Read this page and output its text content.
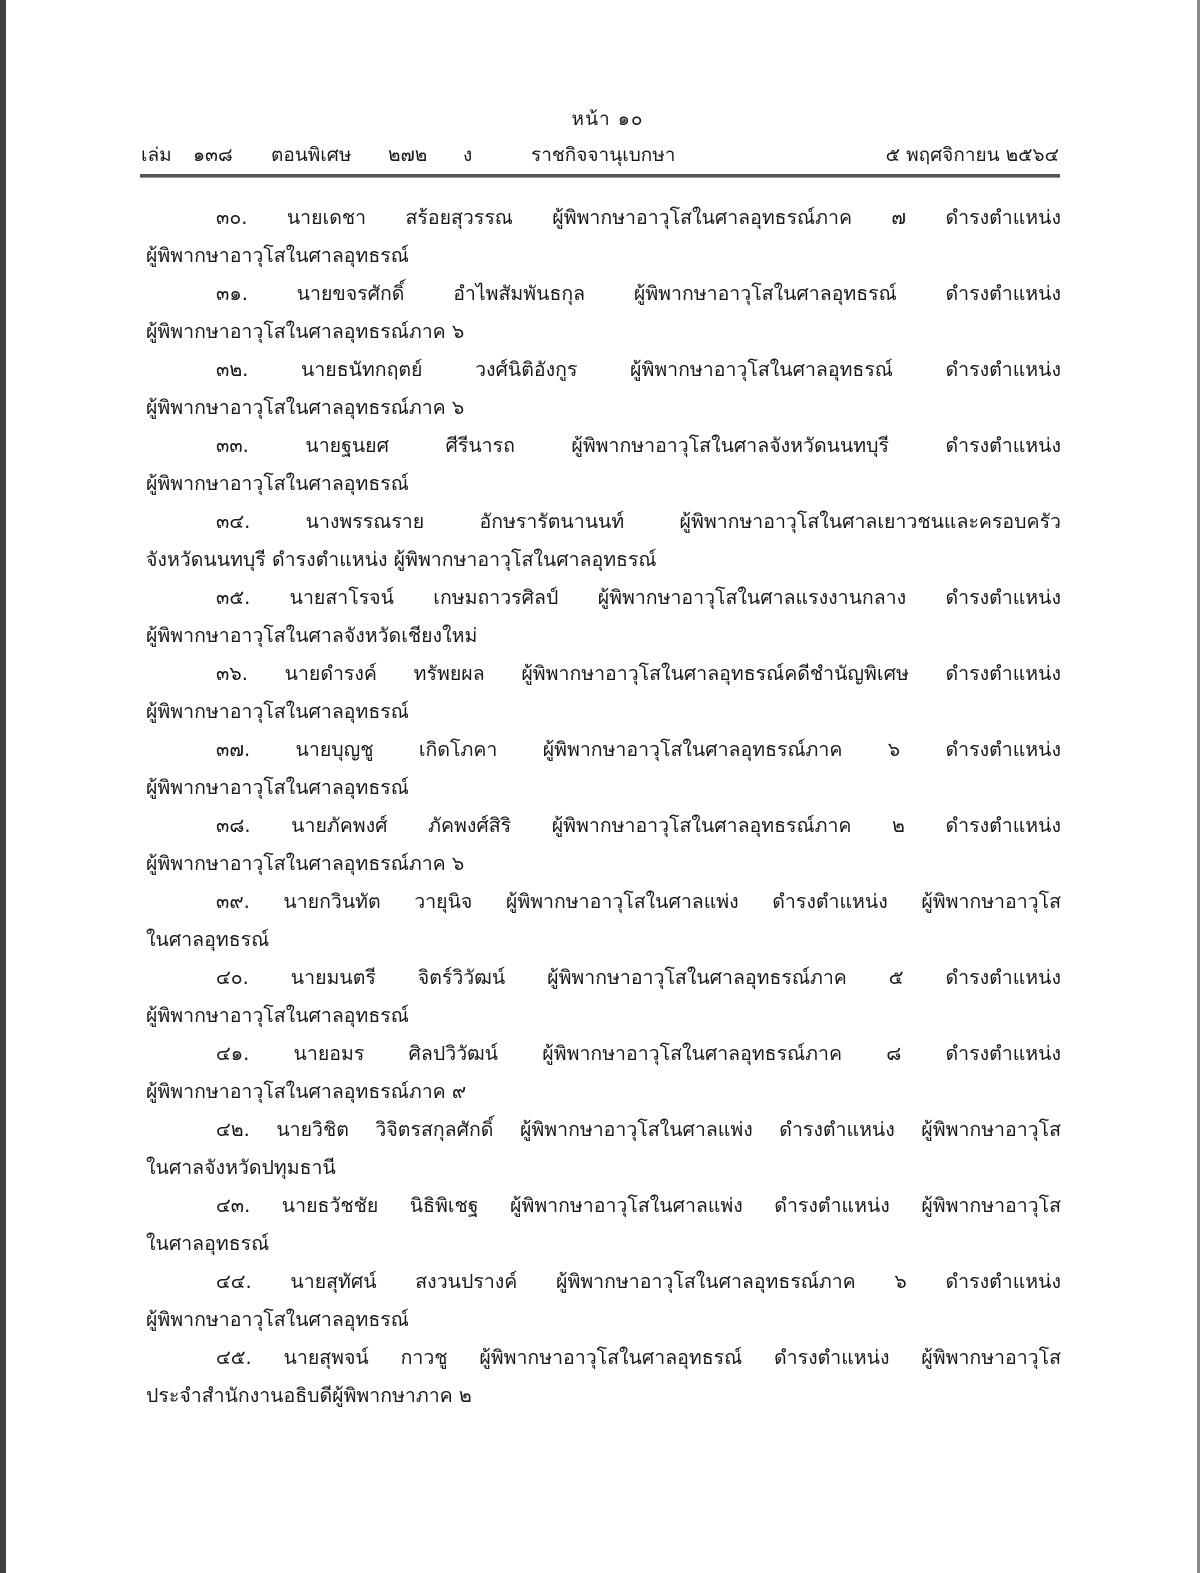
หน้า ๑๐
เล่ม ๑๓๘ ตอนพิเศษ ๒๗๒ ง	ราชกิจจานุเบกษา	๕ พฤศจิกายน ๒๕๖๔

๓๐. นายเดชา สร้อยสุวรรณ ผู้พิพากษาอาวุโสในศาลอุทธรณ์ภาค ๗ ดำรงตำแหน่ง
ผู้พิพากษาอาวุโสในศาลอุทธรณ์

๓๑. นายขจรศักดิ์ อำไพสัมพันธกุล ผู้พิพากษาอาวุโสในศาลอุทธรณ์ ดำรงตำแหน่ง
ผู้พิพากษาอาวุโสในศาลอุทธรณ์ภาค ๖

๓๒. นายธนัทกฤตย์ วงศ์นิติอังกูร ผู้พิพากษาอาวุโสในศาลอุทธรณ์ ดำรงตำแหน่ง
ผู้พิพากษาอาวุโสในศาลอุทธรณ์ภาค ๖

๓๓. นายฐนยศ ศีรีนารถ ผู้พิพากษาอาวุโสในศาลจังหวัดนนทบุรี ดำรงตำแหน่ง
ผู้พิพากษาอาวุโสในศาลอุทธรณ์

๓๔. นางพรรณราย อักษรารัตนานนท์ ผู้พิพากษาอาวุโสในศาลเยาวชนและครอบครัว
จังหวัดนนทบุรี ดำรงตำแหน่ง ผู้พิพากษาอาวุโสในศาลอุทธรณ์

๓๕. นายสาโรจน์ เกษมถาวรศิลป์ ผู้พิพากษาอาวุโสในศาลแรงงานกลาง ดำรงตำแหน่ง
ผู้พิพากษาอาวุโสในศาลจังหวัดเชียงใหม่

๓๖. นายดำรงค์ ทรัพยผล ผู้พิพากษาอาวุโสในศาลอุทธรณ์คดีชำนัญพิเศษ ดำรงตำแหน่ง
ผู้พิพากษาอาวุโสในศาลอุทธรณ์

๓๗. นายบุญชู เกิดโภคา ผู้พิพากษาอาวุโสในศาลอุทธรณ์ภาค ๖ ดำรงตำแหน่ง
ผู้พิพากษาอาวุโสในศาลอุทธรณ์

๓๘. นายภัคพงศ์ ภัคพงศ์สิริ ผู้พิพากษาอาวุโสในศาลอุทธรณ์ภาค ๒ ดำรงตำแหน่ง
ผู้พิพากษาอาวุโสในศาลอุทธรณ์ภาค ๖

๓๙. นายกวินทัต วายุนิจ ผู้พิพากษาอาวุโสในศาลแพ่ง ดำรงตำแหน่ง ผู้พิพากษาอาวุโส
ในศาลอุทธรณ์

๔๐. นายมนตรี จิตร์วิวัฒน์ ผู้พิพากษาอาวุโสในศาลอุทธรณ์ภาค ๕ ดำรงตำแหน่ง
ผู้พิพากษาอาวุโสในศาลอุทธรณ์

๔๑. นายอมร ศิลปวิวัฒน์ ผู้พิพากษาอาวุโสในศาลอุทธรณ์ภาค ๘ ดำรงตำแหน่ง
ผู้พิพากษาอาวุโสในศาลอุทธรณ์ภาค ๙

๔๒. นายวิชิต วิจิตรสกุลศักดิ์ ผู้พิพากษาอาวุโสในศาลแพ่ง ดำรงตำแหน่ง ผู้พิพากษาอาวุโส
ในศาลจังหวัดปทุมธานี

๔๓. นายธวัชชัย นิธิพิเชฐ ผู้พิพากษาอาวุโสในศาลแพ่ง ดำรงตำแหน่ง ผู้พิพากษาอาวุโส
ในศาลอุทธรณ์

๔๔. นายสุทัศน์ สงวนปรางค์ ผู้พิพากษาอาวุโสในศาลอุทธรณ์ภาค ๖ ดำรงตำแหน่ง
ผู้พิพากษาอาวุโสในศาลอุทธรณ์

๔๕. นายสุพจน์ กาวชู ผู้พิพากษาอาวุโสในศาลอุทธรณ์ ดำรงตำแหน่ง ผู้พิพากษาอาวุโส
ประจำสำนักงานอธิบดีผู้พิพากษาภาค ๒
